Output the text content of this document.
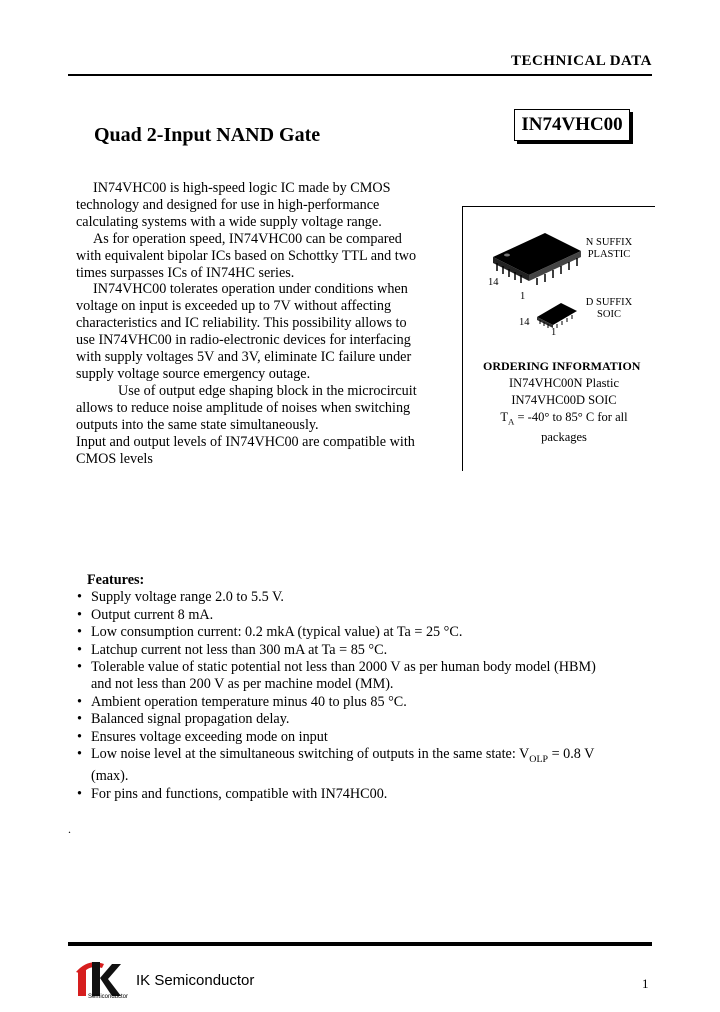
TECHNICAL DATA
Quad 2-Input NAND Gate	IN74VHC00

IN74VHC00 is high-speed logic IC made by CMOS technology and designed for use in high-performance calculating systems with a wide supply voltage range.

As for operation speed, IN74VHC00 can be compared with equivalent bipolar ICs based on Schottky TTL and two times surpasses ICs of IN74HC series.

IN74VHC00 tolerates operation under conditions when voltage on input is exceeded up to 7V without affecting characteristics and IC reliability. This possibility allows to use IN74VHC00 in radio-electronic devices for interfacing with supply voltages 5V and 3V, eliminate IC failure under supply voltage source emergency outage.

Use of output edge shaping block in the microcircuit allows to reduce noise amplitude of noises when switching outputs into the same state simultaneously.

Input and output levels of IN74VHC00 are compatible with CMOS levels

N SUFFIX
PLASTIC
14
1
D SUFFIX
SOIC
14
1
ORDERING INFORMATION
IN74VHC00N Plastic
IN74VHC00D SOIC
$T_A = -40^\circ$ to 85° C for all
packages
Features:
• Supply voltage range 2.0 to 5.5 V.
• Output current 8 mA.
• Low consumption current: 0.2 mkA (typical value) at Ta = 25 °C.
• Latchup current not less than 300 mA at Ta = 85 °C.
• Tolerable value of static potential not less than 2000 V as per human body model (HBM) and not less than 200 V as per machine model (MM).
• Ambient operation temperature minus 40 to plus 85 °C.
• Balanced signal propagation delay.
• Ensures voltage exceeding mode on input
• Low noise level at the simultaneous switching of outputs in the same state: $V_{OLP} = 0.8$ V (max).
• For pins and functions, compatible with IN74HC00.
.
Semiconductor
IK Semiconductor	1
